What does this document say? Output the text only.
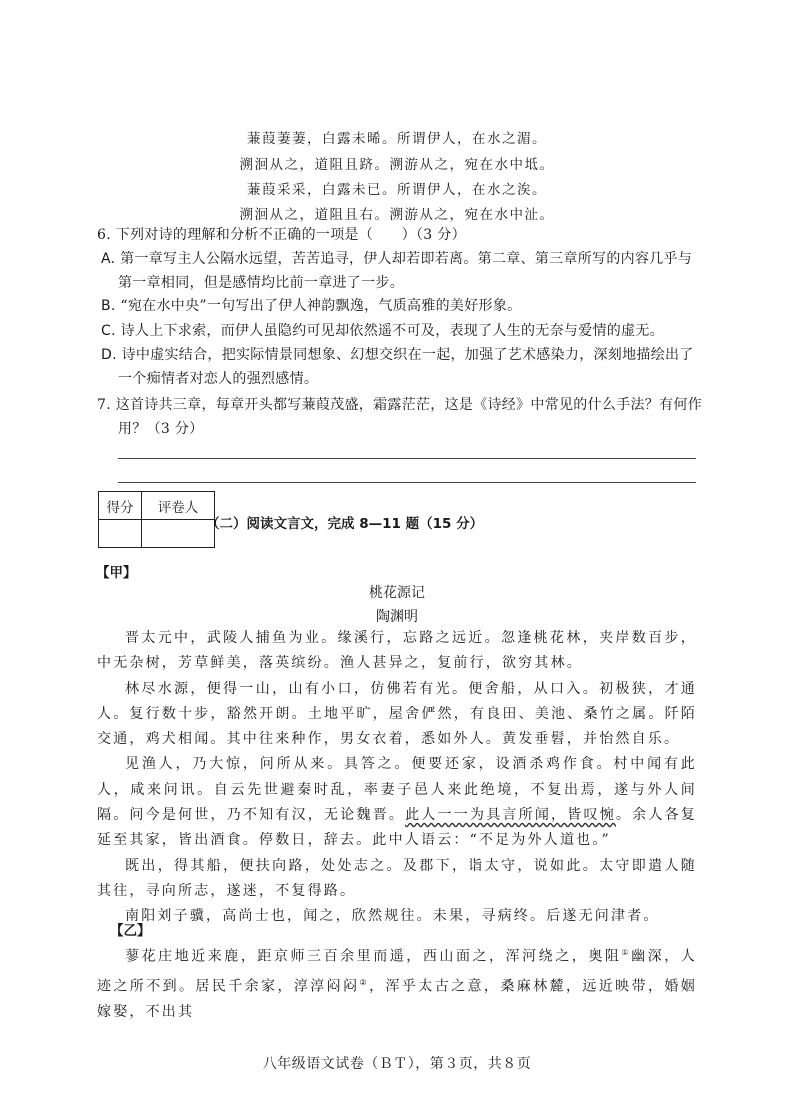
蒹葭萋萋，白露未晞。所谓伊人，在水之湄。
溯洄从之，道阻且跻。溯游从之，宛在水中坻。
蒹葭采采，白露未已。所谓伊人，在水之涘。
溯洄从之，道阻且右。溯游从之，宛在水中沚。
6. 下列对诗的理解和分析不正确的一项是（　　）（3 分）
A. 第一章写主人公隔水远望，苦苦追寻，伊人却若即若离。第二章、第三章所写的内容几乎与第一章相同，但是感情均比前一章进了一步。
B. “宛在水中央”一句写出了伊人神韵飘逸，气质高雅的美好形象。
C. 诗人上下求索，而伊人虽隐约可见却依然遥不可及，表现了人生的无奈与爱情的虚无。
D. 诗中虚实结合，把实际情景同想象、幻想交织在一起，加强了艺术感染力，深刻地描绘出了一个痴情者对恋人的强烈感情。
7. 这首诗共三章，每章开头都写蒹葭茂盛，霜露茫茫，这是《诗经》中常见的什么手法？有何作用？（3 分）
得分	评卷人

（二）阅读文言文，完成 8—11 题（15 分）
【甲】
桃花源记
陶渊明

晋太元中，武陵人捕鱼为业。缘溪行，忘路之远近。忽逢桃花林，夹岸数百步，中无杂树，芳草鲜美，落英缤纷。渔人甚异之，复前行，欲穷其林。

林尽水源，便得一山，山有小口，仿佛若有光。便舍船，从口入。初极狭，才通人。复行数十步，豁然开朗。土地平旷，屋舍俨然，有良田、美池、桑竹之属。阡陌交通，鸡犬相闻。其中往来种作，男女衣着，悉如外人。黄发垂髫，并怡然自乐。

见渔人，乃大惊，问所从来。具答之。便要还家，设酒杀鸡作食。村中闻有此人，咸来问讯。自云先世避秦时乱，率妻子邑人来此绝境，不复出焉，遂与外人间隔。问今是何世，乃不知有汉，无论魏晋。此人一一为具言所闻，皆叹惋。余人各复延至其家，皆出酒食。停数日，辞去。此中人语云：“不足为外人道也。”

既出，得其船，便扶向路，处处志之。及郡下，诣太守，说如此。太守即遣人随其往，寻向所志，遂迷，不复得路。

南阳刘子骥，高尚士也，闻之，欣然规往。未果，寻病终。后遂无问津者。

【乙】

蓼花庄地近来鹿，距京师三百余里而遥，西山面之，浑河绕之，奥阻①幽深，人迹之所不到。居民千余家，淳淳闷闷②，浑乎太古之意，桑麻林麓，远近映带，婚姻嫁娶，不出其

八年级语文试卷（ＢＴ），第３页，共８页
